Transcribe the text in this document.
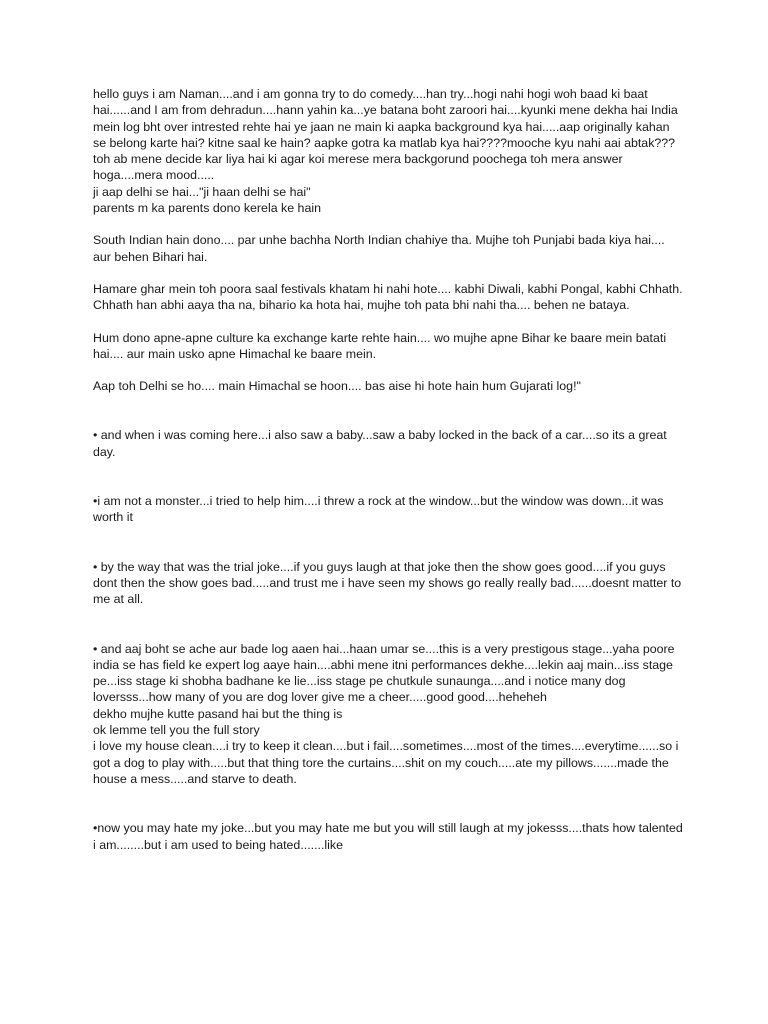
hello guys i am Naman....and i am gonna try to do comedy....han try...hogi nahi hogi woh baad ki baat hai......and I am from dehradun....hann yahin ka...ye batana boht zaroori hai....kyunki mene dekha hai India mein log bht over intrested rehte hai ye jaan ne main ki aapka background kya hai.....aap originally kahan se belong karte hai? kitne saal ke hain? aapke gotra ka matlab kya hai????mooche kyu nahi aai abtak???
toh ab mene decide kar liya hai ki agar koi merese mera backgorund poochega toh mera answer hoga....mera mood.....
ji aap delhi se hai..."ji haan delhi se hai"
parents m ka parents dono kerela ke hain

South Indian hain dono.... par unhe bachha North Indian chahiye tha. Mujhe toh Punjabi bada kiya hai.... aur behen Bihari hai.

Hamare ghar mein toh poora saal festivals khatam hi nahi hote.... kabhi Diwali, kabhi Pongal, kabhi Chhath. Chhath han abhi aaya tha na, bihario ka hota hai, mujhe toh pata bhi nahi tha.... behen ne bataya.

Hum dono apne-apne culture ka exchange karte rehte hain.... wo mujhe apne Bihar ke baare mein batati hai.... aur main usko apne Himachal ke baare mein.

Aap toh Delhi se ho.... main Himachal se hoon.... bas aise hi hote hain hum Gujarati log!"

• and when i was coming here...i also saw a baby...saw a baby locked in the back of a car....so its a great day.

•i am not a monster...i tried to help him....i threw a rock at the window...but the window was down...it was worth it

• by the way that was the trial joke....if you guys laugh at that joke then the show goes good....if you guys dont then the show goes bad.....and trust me i have seen my shows go really really bad......doesnt matter to me at all.

• and aaj boht se ache aur bade log aaen hai...haan umar se....this is a very prestigous stage...yaha poore india se has field ke expert log aaye hain....abhi mene itni performances dekhe....lekin aaj main...iss stage pe...iss stage ki shobha badhane ke lie...iss stage pe chutkule sunaunga....and i notice many dog loversss...how many of you are dog lover give me a cheer.....good good....heheheh
dekho mujhe kutte pasand hai but the thing is
ok lemme tell you the full story
i love my house clean....i try to keep it clean....but i fail....sometimes....most of the times....everytime......so i got a dog to play with.....but that thing tore the curtains....shit on my couch.....ate my pillows.......made the house a mess.....and starve to death.

•now you may hate my joke...but you may hate me but you will still laugh at my jokesss....thats how talented i am........but i am used to being hated.......like
